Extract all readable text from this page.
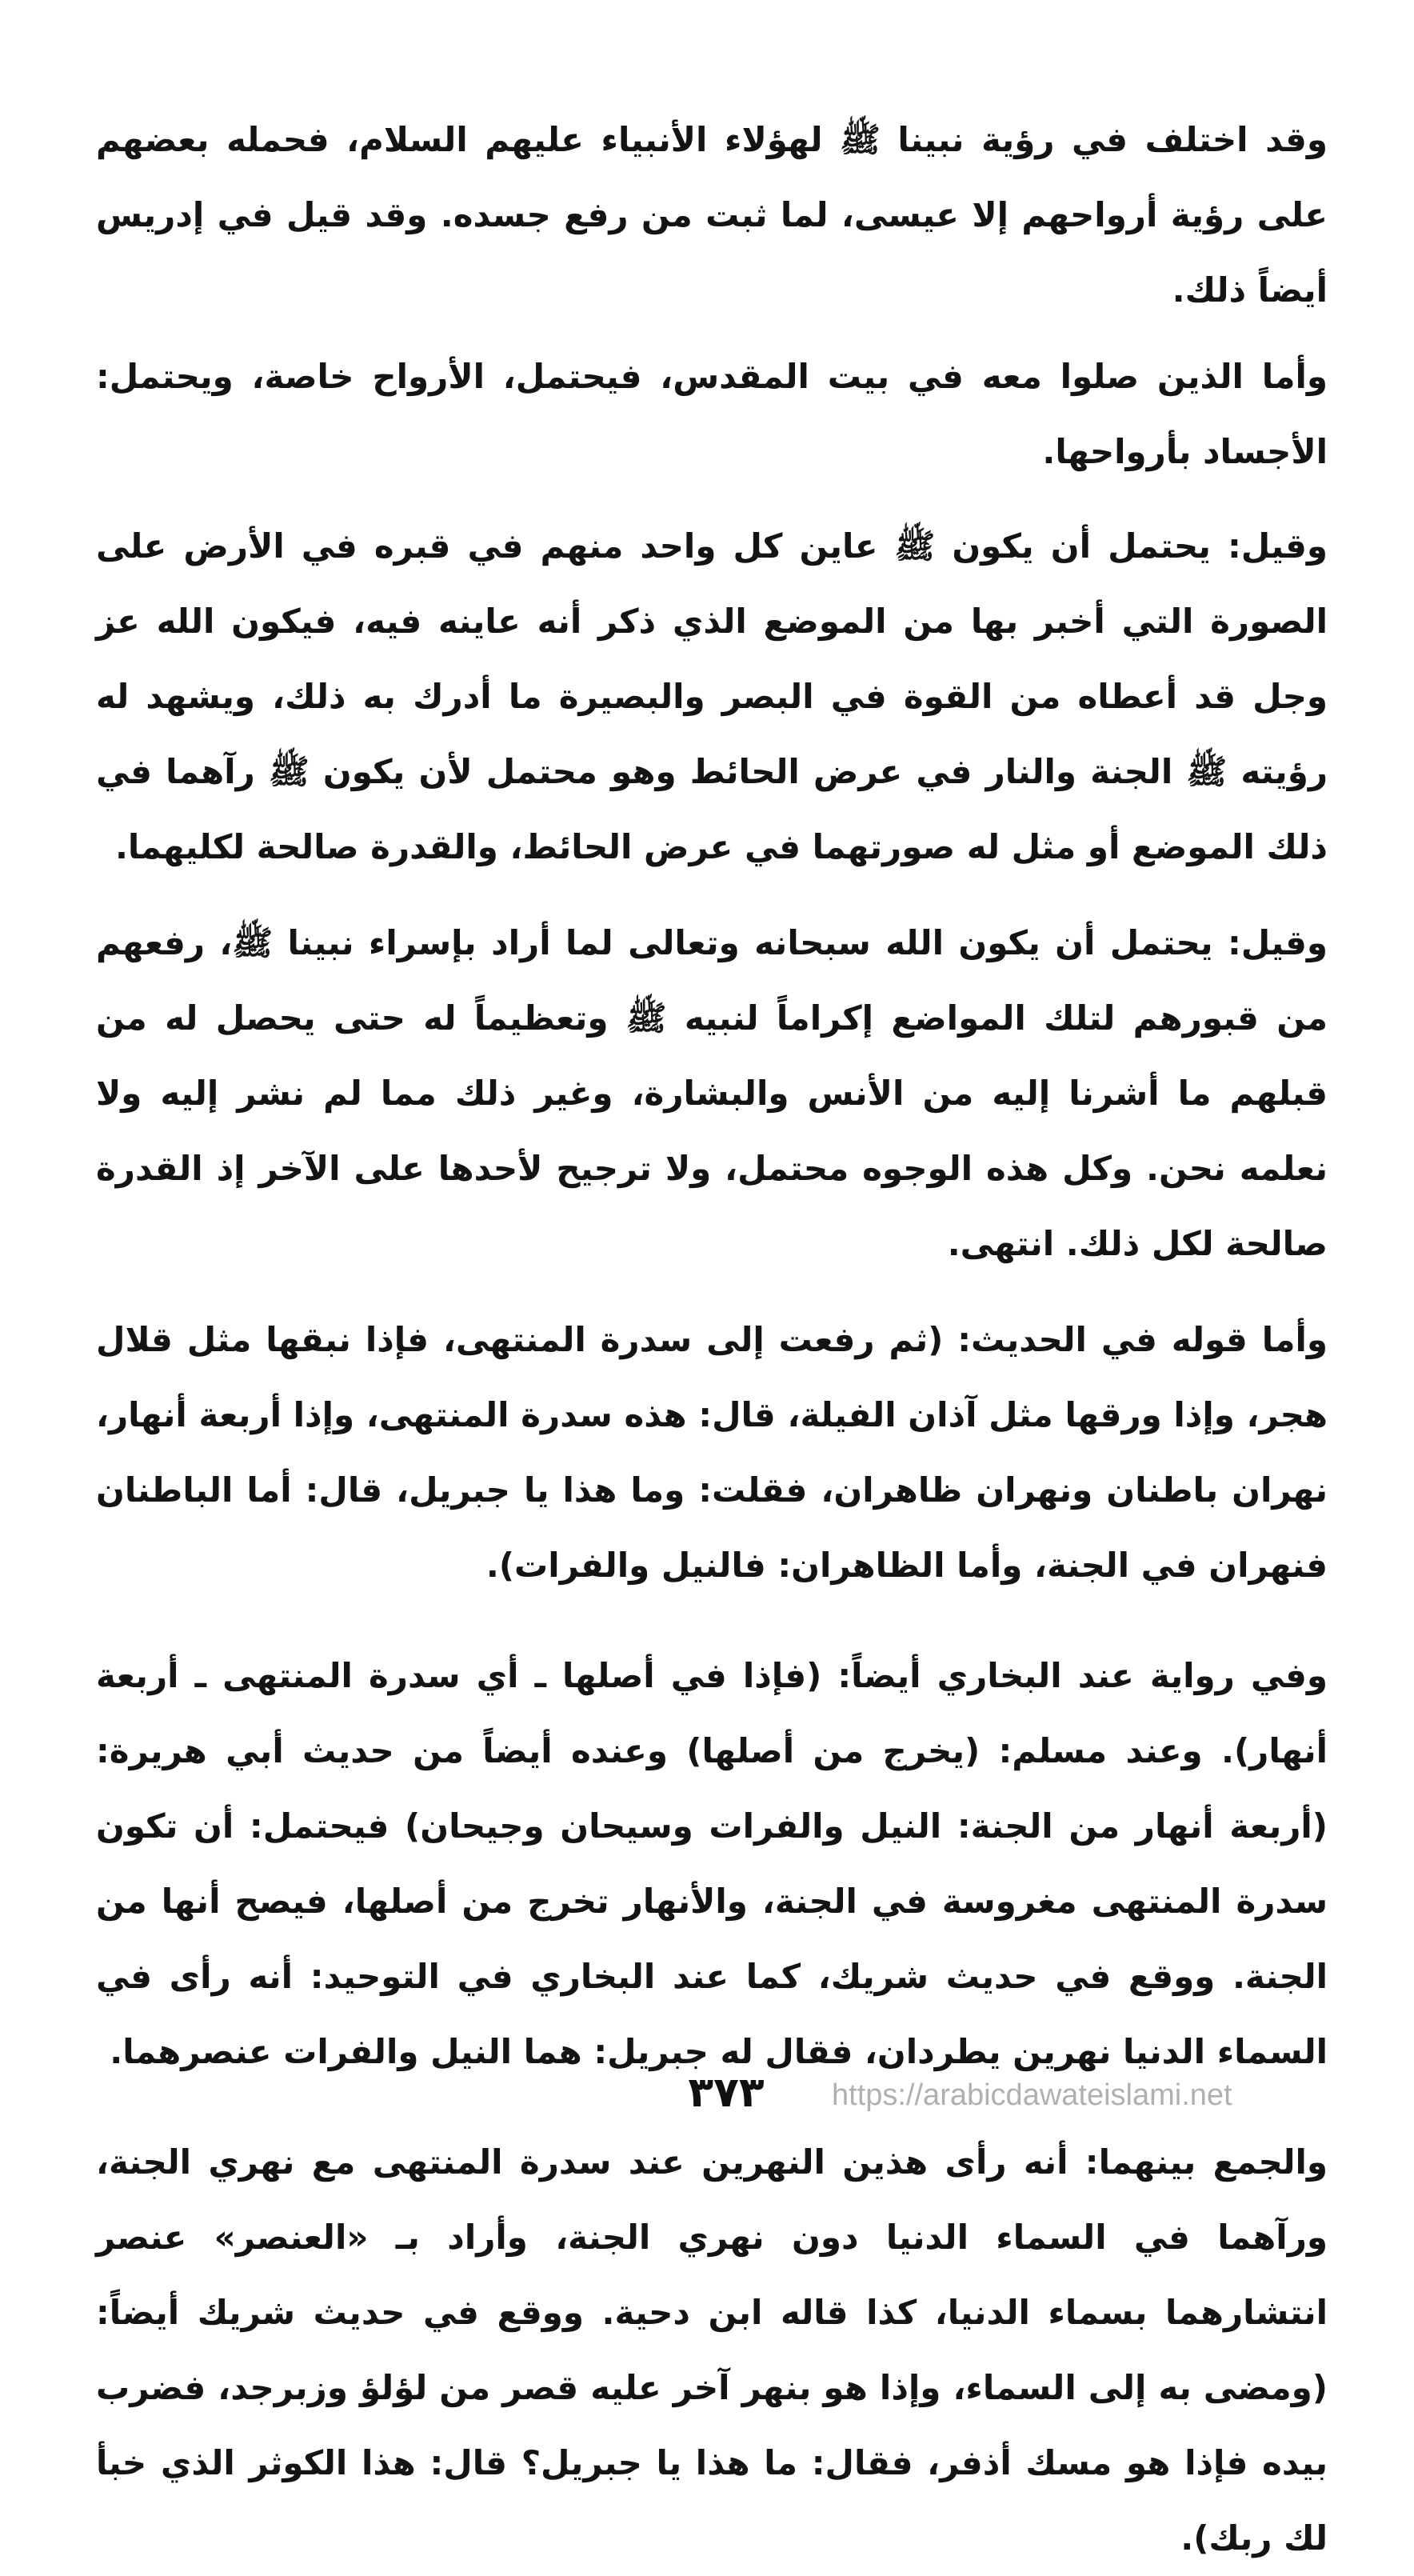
وقد اختلف في رؤية نبينا ﷺ لهؤلاء الأنبياء عليهم السلام، فحمله بعضهم على رؤية أرواحهم إلا عيسى، لما ثبت من رفع جسده. وقد قيل في إدريس أيضاً ذلك.

وأما الذين صلوا معه في بيت المقدس، فيحتمل، الأرواح خاصة، ويحتمل: الأجساد بأرواحها.

وقيل: يحتمل أن يكون ﷺ عاين كل واحد منهم في قبره في الأرض على الصورة التي أخبر بها من الموضع الذي ذكر أنه عاينه فيه، فيكون الله عز وجل قد أعطاه من القوة في البصر والبصيرة ما أدرك به ذلك، ويشهد له رؤيته ﷺ الجنة والنار في عرض الحائط وهو محتمل لأن يكون ﷺ رآهما في ذلك الموضع أو مثل له صورتهما في عرض الحائط، والقدرة صالحة لكليهما.

وقيل: يحتمل أن يكون الله سبحانه وتعالى لما أراد بإسراء نبينا ﷺ، رفعهم من قبورهم لتلك المواضع إكراماً لنبيه ﷺ وتعظيماً له حتى يحصل له من قبلهم ما أشرنا إليه من الأنس والبشارة، وغير ذلك مما لم نشر إليه ولا نعلمه نحن. وكل هذه الوجوه محتمل، ولا ترجيح لأحدها على الآخر إذ القدرة صالحة لكل ذلك. انتهى.

وأما قوله في الحديث: (ثم رفعت إلى سدرة المنتهى، فإذا نبقها مثل قلال هجر، وإذا ورقها مثل آذان الفيلة، قال: هذه سدرة المنتهى، وإذا أربعة أنهار، نهران باطنان ونهران ظاهران، فقلت: وما هذا يا جبريل، قال: أما الباطنان فنهران في الجنة، وأما الظاهران: فالنيل والفرات).

وفي رواية عند البخاري أيضاً: (فإذا في أصلها ـ أي سدرة المنتهى ـ أربعة أنهار). وعند مسلم: (يخرج من أصلها) وعنده أيضاً من حديث أبي هريرة: (أربعة أنهار من الجنة: النيل والفرات وسيحان وجيحان) فيحتمل: أن تكون سدرة المنتهى مغروسة في الجنة، والأنهار تخرج من أصلها، فيصح أنها من الجنة. ووقع في حديث شريك، كما عند البخاري في التوحيد: أنه رأى في السماء الدنيا نهرين يطردان، فقال له جبريل: هما النيل والفرات عنصرهما.

والجمع بينهما: أنه رأى هذين النهرين عند سدرة المنتهى مع نهري الجنة، ورآهما في السماء الدنيا دون نهري الجنة، وأراد بـ «العنصر» عنصر انتشارهما بسماء الدنيا، كذا قاله ابن دحية. ووقع في حديث شريك أيضاً: (ومضى به إلى السماء، وإذا هو بنهر آخر عليه قصر من لؤلؤ وزبرجد، فضرب بيده فإذا هو مسك أذفر، فقال: ما هذا يا جبريل؟ قال: هذا الكوثر الذي خبأ لك ربك).

٣٧٣	https://arabicdawateislami.net
